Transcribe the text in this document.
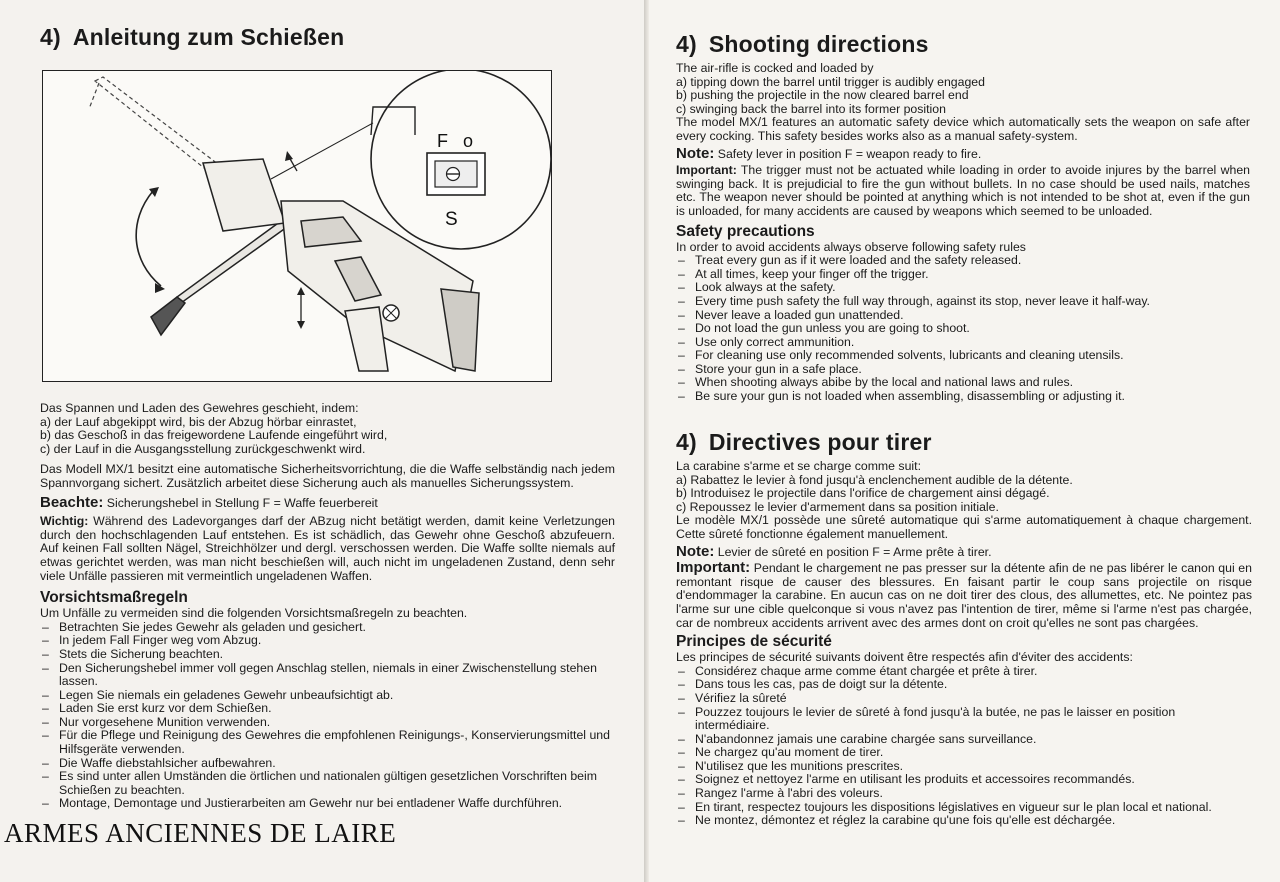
4) Anleitung zum Schießen
F o
S
Das Spannen und Laden des Gewehres geschieht, indem:
a) der Lauf abgekippt wird, bis der Abzug hörbar einrastet,
b) das Geschoß in das freigewordene Laufende eingeführt wird,
c) der Lauf in die Ausgangsstellung zurückgeschwenkt wird.

Das Modell MX/1 besitzt eine automatische Sicherheitsvorrichtung, die die Waffe selbständig nach jedem Spannvorgang sichert. Zusätzlich arbeitet diese Sicherung auch als manuelles Sicherungssystem.

Beachte: Sicherungshebel in Stellung F = Waffe feuerbereit

Wichtig: Während des Ladevorganges darf der ABzug nicht betätigt werden, damit keine Verletzungen durch den hochschlagenden Lauf entstehen. Es ist schädlich, das Gewehr ohne Geschoß abzufeuern. Auf keinen Fall sollten Nägel, Streichhölzer und dergl. verschossen werden. Die Waffe sollte niemals auf etwas gerichtet werden, was man nicht beschießen will, auch nicht im ungeladenen Zustand, denn sehr viele Unfälle passieren mit vermeintlich ungeladenen Waffen.

Vorsichtsmaßregeln
Um Unfälle zu vermeiden sind die folgenden Vorsichtsmaßregeln zu beachten.
– Betrachten Sie jedes Gewehr als geladen und gesichert.
– In jedem Fall Finger weg vom Abzug.
– Stets die Sicherung beachten.
– Den Sicherungshebel immer voll gegen Anschlag stellen, niemals in einer Zwischenstellung stehen lassen.
– Legen Sie niemals ein geladenes Gewehr unbeaufsichtigt ab.
– Laden Sie erst kurz vor dem Schießen.
– Nur vorgesehene Munition verwenden.
– Für die Pflege und Reinigung des Gewehres die empfohlenen Reinigungs-, Konservierungsmittel und Hilfsgeräte verwenden.
– Die Waffe diebstahlsicher aufbewahren.
– Es sind unter allen Umständen die örtlichen und nationalen gültigen gesetzlichen Vorschriften beim Schießen zu beachten.
– Montage, Demontage und Justierarbeiten am Gewehr nur bei entladener Waffe durchführen.
ARMES ANCIENNES DE LAIRE
4) Shooting directions
The air-rifle is cocked and loaded by
a) tipping down the barrel until trigger is audibly engaged
b) pushing the projectile in the now cleared barrel end
c) swinging back the barrel into its former position

The model MX/1 features an automatic safety device which automatically sets the weapon on safe after every cocking. This safety besides works also as a manual safety-system.

Note: Safety lever in position F = weapon ready to fire.

Important: The trigger must not be actuated while loading in order to avoide injures by the barrel when swinging back. It is prejudicial to fire the gun without bullets. In no case should be used nails, matches etc. The weapon never should be pointed at anything which is not intended to be shot at, even if the gun is unloaded, for many accidents are caused by weapons which seemed to be unloaded.

Safety precautions
In order to avoid accidents always observe following safety rules
– Treat every gun as if it were loaded and the safety released.
– At all times, keep your finger off the trigger.
– Look always at the safety.
– Every time push safety the full way through, against its stop, never leave it half-way.
– Never leave a loaded gun unattended.
– Do not load the gun unless you are going to shoot.
– Use only correct ammunition.
– For cleaning use only recommended solvents, lubricants and cleaning utensils.
– Store your gun in a safe place.
– When shooting always abibe by the local and national laws and rules.
– Be sure your gun is not loaded when assembling, disassembling or adjusting it.
4) Directives pour tirer
La carabine s'arme et se charge comme suit:
a) Rabattez le levier à fond jusqu'à enclenchement audible de la détente.
b) Introduisez le projectile dans l'orifice de chargement ainsi dégagé.
c) Repoussez le levier d'armement dans sa position initiale.

Le modèle MX/1 possède une sûreté automatique qui s'arme automatiquement à chaque chargement. Cette sûreté fonctionne également manuellement.

Note: Levier de sûreté en position F = Arme prête à tirer.

Important: Pendant le chargement ne pas presser sur la détente afin de ne pas libérer le canon qui en remontant risque de causer des blessures. En faisant partir le coup sans projectile on risque d'endommager la carabine. En aucun cas on ne doit tirer des clous, des allumettes, etc. Ne pointez pas l'arme sur une cible quelconque si vous n'avez pas l'intention de tirer, même si l'arme n'est pas chargée, car de nombreux accidents arrivent avec des armes dont on croit qu'elles ne sont pas chargées.

Principes de sécurité
Les principes de sécurité suivants doivent être respectés afin d'éviter des accidents:
– Considérez chaque arme comme étant chargée et prête à tirer.
– Dans tous les cas, pas de doigt sur la détente.
– Vérifiez la sûreté
– Pouzzez toujours le levier de sûreté à fond jusqu'à la butée, ne pas le laisser en position intermédiaire.
– N'abandonnez jamais une carabine chargée sans surveillance.
– Ne chargez qu'au moment de tirer.
– N'utilisez que les munitions prescrites.
– Soignez et nettoyez l'arme en utilisant les produits et accessoires recommandés.
– Rangez l'arme à l'abri des voleurs.
– En tirant, respectez toujours les dispositions législatives en vigueur sur le plan local et national.
– Ne montez, démontez et réglez la carabine qu'une fois qu'elle est déchargée.
